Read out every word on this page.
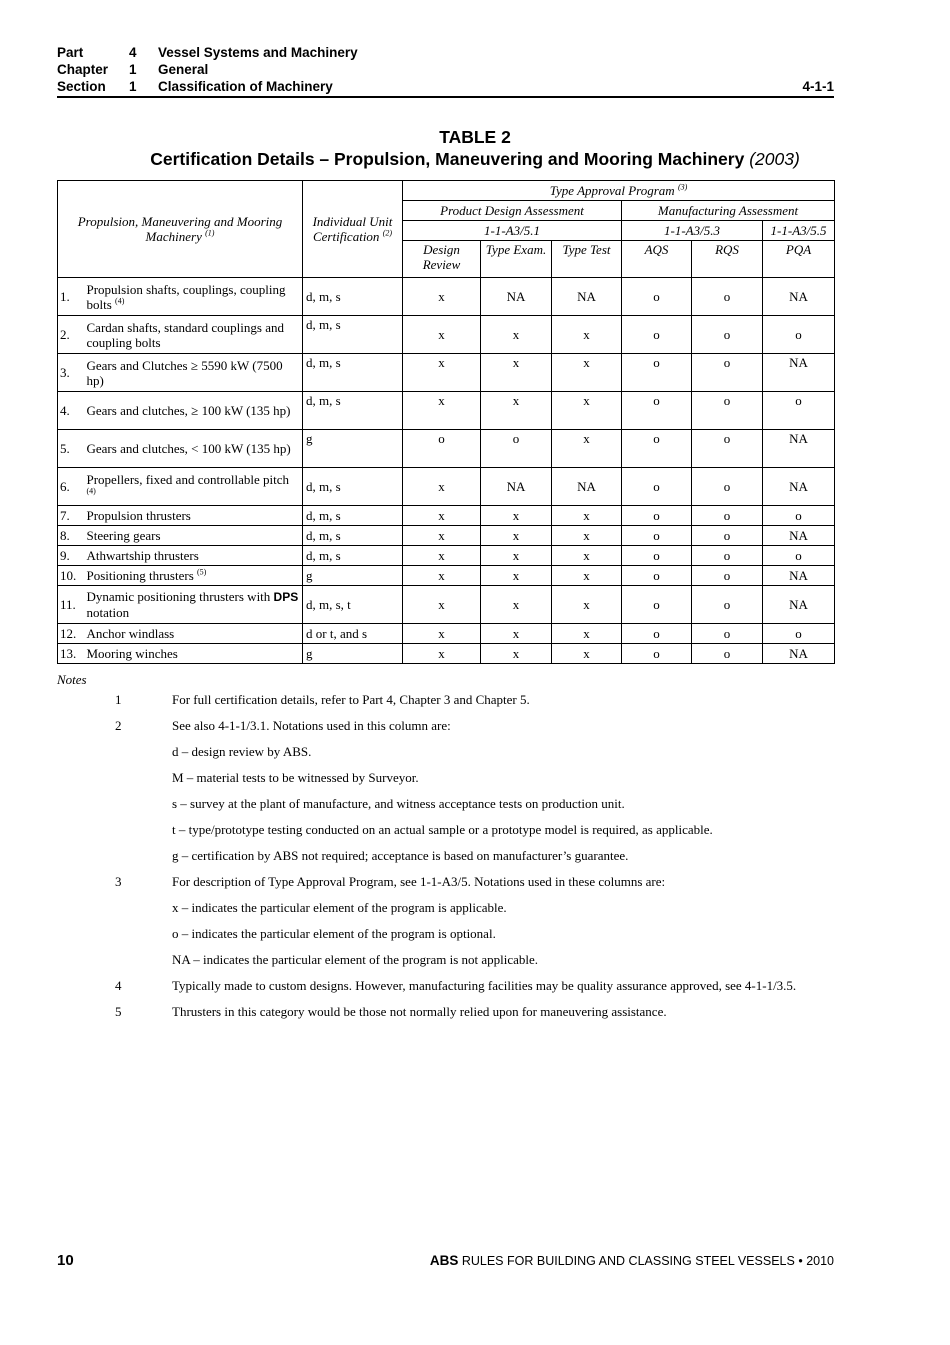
Part	4 Vessel Systems and Machinery
Chapter 1 General
Section 1 Classification of Machinery	4-1-1
TABLE 2
Certification Details – Propulsion, Maneuvering and Mooring Machinery (2003)
Propulsion, Maneuvering and Mooring Machinery $^{(1)}$		Individual Unit Certification $^{(2)}$	Type Approval Program $^{(3)}$
			Product Design Assessment			Manufacturing Assessment		
			1-1-A3/5.1			1-1-A3/5.3		1-1-A3/5.5
			Design Review	Type Exam.	Type Test	AQS	RQS	PQA
1.	Propulsion shafts, couplings, coupling bolts $^{(4)}$	d, m, s	x	NA	NA	o	o	NA
2.	Cardan shafts, standard couplings and coupling bolts	d, m, s	x	x	x	o	o	o
3.	Gears and Clutches ≥ 5590 kW (7500 hp)	d, m, s	x	x	x	o	o	NA
4.	Gears and clutches, ≥ 100 kW (135 hp)	d, m, s	x	x	x	o	o	o
5.	Gears and clutches, < 100 kW (135 hp)	g	o	o	x	o	o	NA
6.	Propellers, fixed and controllable pitch $^{(4)}$	d, m, s	x	NA	NA	o	o	NA
7.	Propulsion thrusters	d, m, s	x	x	x	o	o	o
8.	Steering gears	d, m, s	x	x	x	o	o	NA
9.	Athwartship thrusters	d, m, s	x	x	x	o	o	o
10.	Positioning thrusters $^{(5)}$	g	x	x	x	o	o	NA
11.	Dynamic positioning thrusters with DPS notation	d, m, s, t	x	x	x	o	o	NA
12.	Anchor windlass	d or t, and s	x	x	x	o	o	o
13.	Mooring winches	g	x	x	x	o	o	NA
Notes
1	For full certification details, refer to Part 4, Chapter 3 and Chapter 5.
2	See also 4-1-1/3.1. Notations used in this column are:
d – design review by ABS.
M – material tests to be witnessed by Surveyor.
s – survey at the plant of manufacture, and witness acceptance tests on production unit.
t – type/prototype testing conducted on an actual sample or a prototype model is required, as applicable.
g – certification by ABS not required; acceptance is based on manufacturer’s guarantee.
3	For description of Type Approval Program, see 1-1-A3/5. Notations used in these columns are:
x – indicates the particular element of the program is applicable.
o – indicates the particular element of the program is optional.
NA – indicates the particular element of the program is not applicable.
4	Typically made to custom designs. However, manufacturing facilities may be quality assurance approved, see 4-1-1/3.5.
5	Thrusters in this category would be those not normally relied upon for maneuvering assistance.
10	ABS RULES FOR BUILDING AND CLASSING STEEL VESSELS • 2010
